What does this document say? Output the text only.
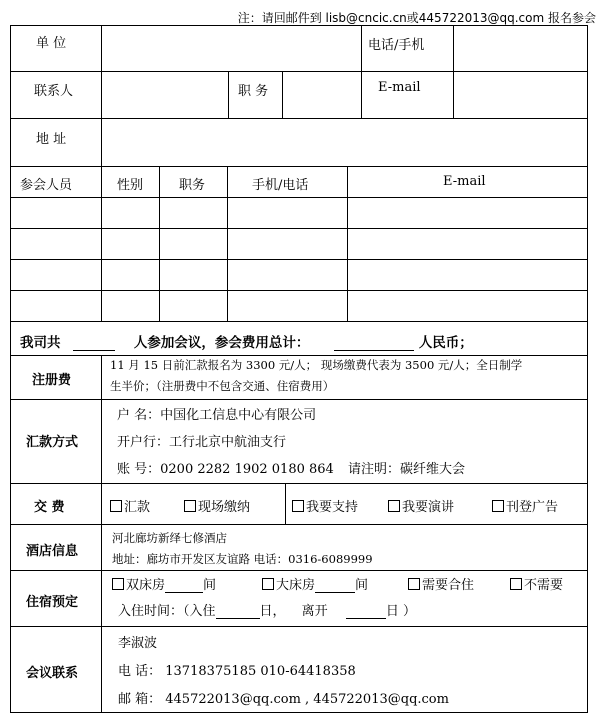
注：请回邮件到 lisb@cncic.cn或445722013@qq.com 报名参会
单 位	电话/手机
联系人	职 务	E-mail
地 址
参会人员	性别	职务	手机/电话	E-mail
我司共	人参加会议，参会费用总计：	人民币；
注册费
11 月 15 日前汇款报名为 3300 元/人； 现场缴费代表为 3500 元/人；全日制学
生半价；（注册费中不包含交通、住宿费用）
汇款方式
户 名：中国化工信息中心有限公司
开户行：工行北京中航油支行
账 号：0200 2282 1902 0180 864 请注明：碳纤维大会
交 费	汇款	现场缴纳	我要支持	我要演讲	刊登广告
酒店信息
河北廊坊新绎七修酒店
地址：廊坊市开发区友谊路 电话：0316-6089999
住宿预定
双床房	间	大床房	间	需要合住	不需要
入住时间：（入住	日， 离开	日 ）
会议联系
李淑波
电 话： 13718375185 010-64418358
邮 箱： 445722013@qq.com , 445722013@qq.com
